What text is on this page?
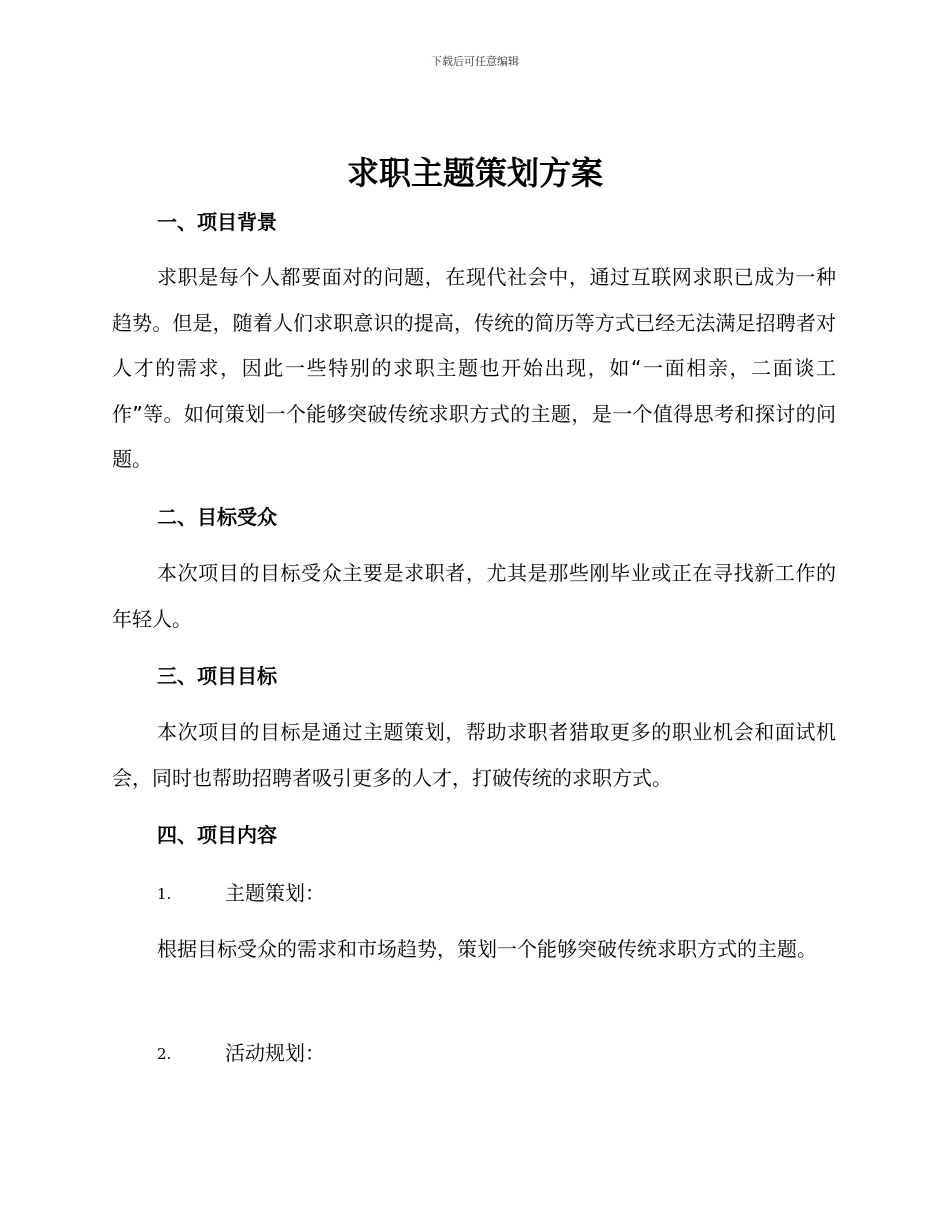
下载后可任意编辑
求职主题策划方案
一、项目背景

求职是每个人都要面对的问题，在现代社会中，通过互联网求职已成为一种趋势。但是，随着人们求职意识的提高，传统的简历等方式已经无法满足招聘者对人才的需求，因此一些特别的求职主题也开始出现，如“一面相亲，二面谈工作”等。如何策划一个能够突破传统求职方式的主题，是一个值得思考和探讨的问题。

二、目标受众

本次项目的目标受众主要是求职者，尤其是那些刚毕业或正在寻找新工作的年轻人。

三、项目目标

本次项目的目标是通过主题策划，帮助求职者猎取更多的职业机会和面试机会，同时也帮助招聘者吸引更多的人才，打破传统的求职方式。

四、项目内容
1.	主题策划：

根据目标受众的需求和市场趋势，策划一个能够突破传统求职方式的主题。

2.	活动规划：
